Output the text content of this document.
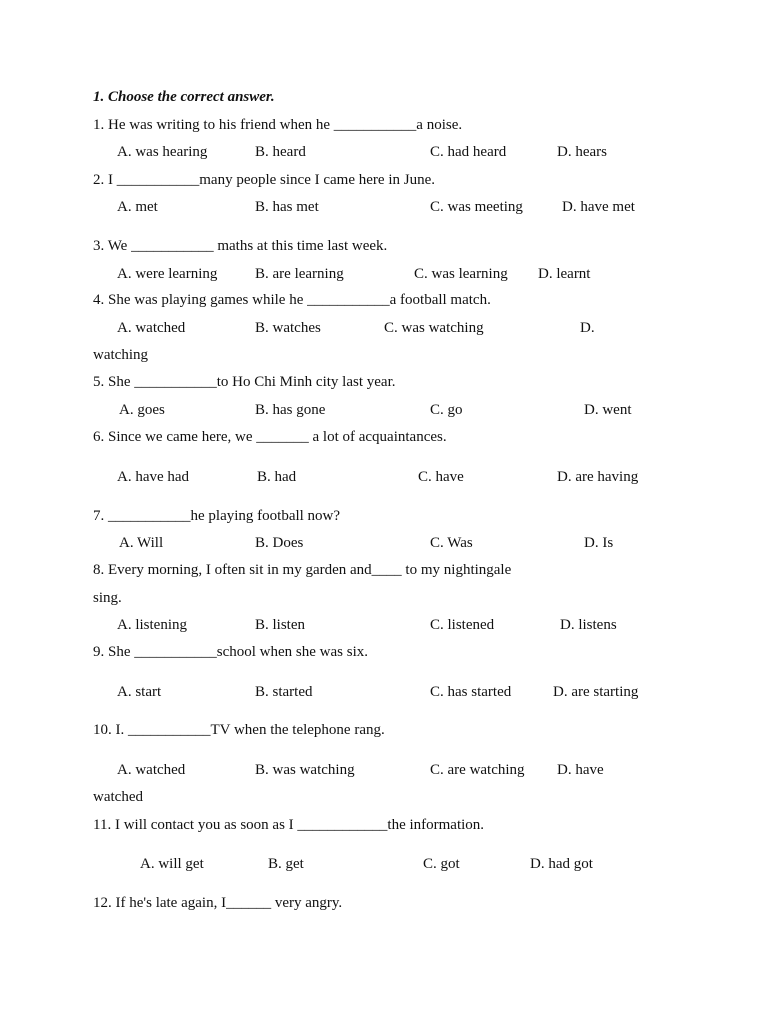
1. Choose the correct answer.
1. He was writing to his friend when he ___________a noise.
A. was hearing	B. heard	C. had heard	D. hears
2. I ___________many people since I came here in June.
A. met	B. has met	C. was meeting	D. have met
3. We ___________ maths at this time last week.
A. were learning	B. are learning	C. was learning D. learnt
4. She was playing games while he ___________a football match.
A. watched	B. watches	C. was watching	D.
watching
5. She ___________to Ho Chi Minh city last year.
A. goes	B. has gone	C. go	D. went
6. Since we came here, we _______ a lot of acquaintances.
A. have had	B. had	C. have	D. are having
7. ___________he playing football now?
A. Will	B. Does	C. Was	D. Is
8. Every morning, I often sit in my garden and____ to my nightingale
sing.
A. listening	B. listen	C. listened	D. listens
9. She ___________school when she was six.
A. start	B. started	C. has started	D. are starting
10. I. ___________TV when the telephone rang.
A. watched	B. was watching	C. are watching D. have
watched
11. I will contact you as soon as I ____________the information.
A. will get	B. get	C. got	D. had got
12. If he's late again, I______ very angry.
